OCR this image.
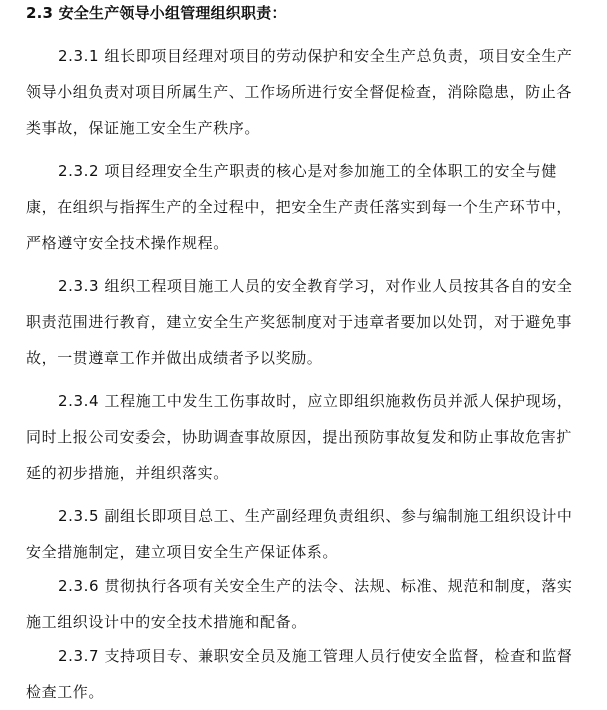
2.3 安全生产领导小组管理组织职责：

2.3.1 组长即项目经理对项目的劳动保护和安全生产总负责，项目安全生产领导小组负责对项目所属生产、工作场所进行安全督促检查，消除隐患，防止各类事故，保证施工安全生产秩序。

2.3.2 项目经理安全生产职责的核心是对参加施工的全体职工的安全与健康，在组织与指挥生产的全过程中，把安全生产责任落实到每一个生产环节中，严格遵守安全技术操作规程。

2.3.3 组织工程项目施工人员的安全教育学习，对作业人员按其各自的安全职责范围进行教育，建立安全生产奖惩制度对于违章者要加以处罚，对于避免事故，一贯遵章工作并做出成绩者予以奖励。

2.3.4 工程施工中发生工伤事故时，应立即组织施救伤员并派人保护现场，同时上报公司安委会，协助调查事故原因，提出预防事故复发和防止事故危害扩延的初步措施，并组织落实。

2.3.5 副组长即项目总工、生产副经理负责组织、参与编制施工组织设计中安全措施制定，建立项目安全生产保证体系。

2.3.6 贯彻执行各项有关安全生产的法令、法规、标准、规范和制度，落实施工组织设计中的安全技术措施和配备。

2.3.7 支持项目专、兼职安全员及施工管理人员行使安全监督，检查和监督检查工作。
